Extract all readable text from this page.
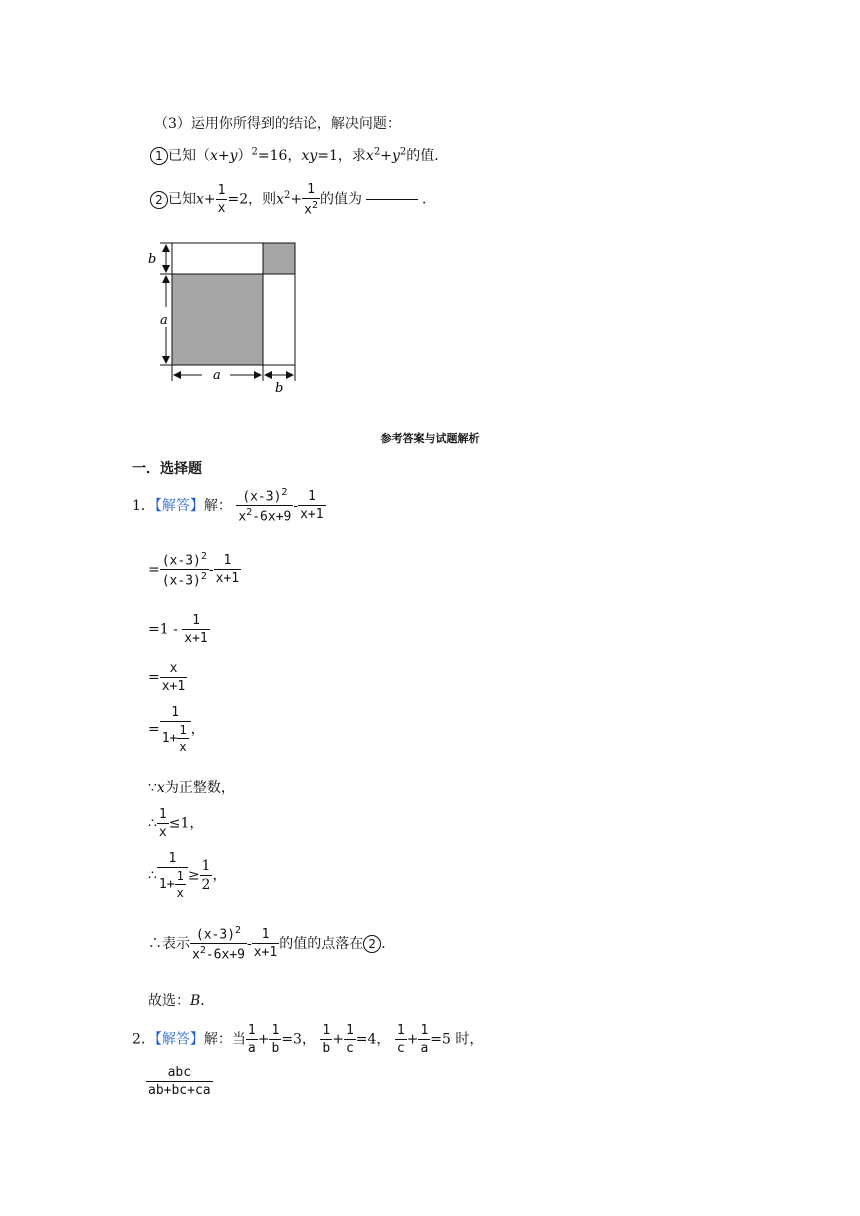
（3）运用你所得到的结论，解决问题：
1 已知$(x+y)^2=16$，xy=1，求$x^2+y^2$的值．
2 已知$x+ \frac{1}{x} =2$，则$x^2+ \frac{1}{x^2}$ 的值为	．
b
a
a
b
参考答案与试题解析
一．选择题
1．【解答】解： $\frac{(x-3)^2}{x^2-6x+9} - \frac{1}{x+1}$
= $\frac{(x-3)^2}{(x-3)^2} - \frac{1}{x+1}$
$=1 - \frac{1}{x+1}$
= $\frac{x}{x+1}$
= $\frac{1}{1+ \frac{1}{x}}$ ，
∵x为正整数，
∴ $\frac{1}{x} \le 1$，
∴ $\frac{1}{1+ \frac{1}{x}} \ge \frac{1}{2}$ ，
∴表示 $\frac{(x-3)^2}{x^2-6x+9} - \frac{1}{x+1}$ 的值的点落在 2 ．
故选：B．
2．【解答】解：当 $\frac{1}{a} + \frac{1}{b} =3$， $\frac{1}{b} + \frac{1}{c} =4$， $\frac{1}{c} + \frac{1}{a} =5$ 时，
$\frac{\text{abc}}{ab+bc+ca}$
